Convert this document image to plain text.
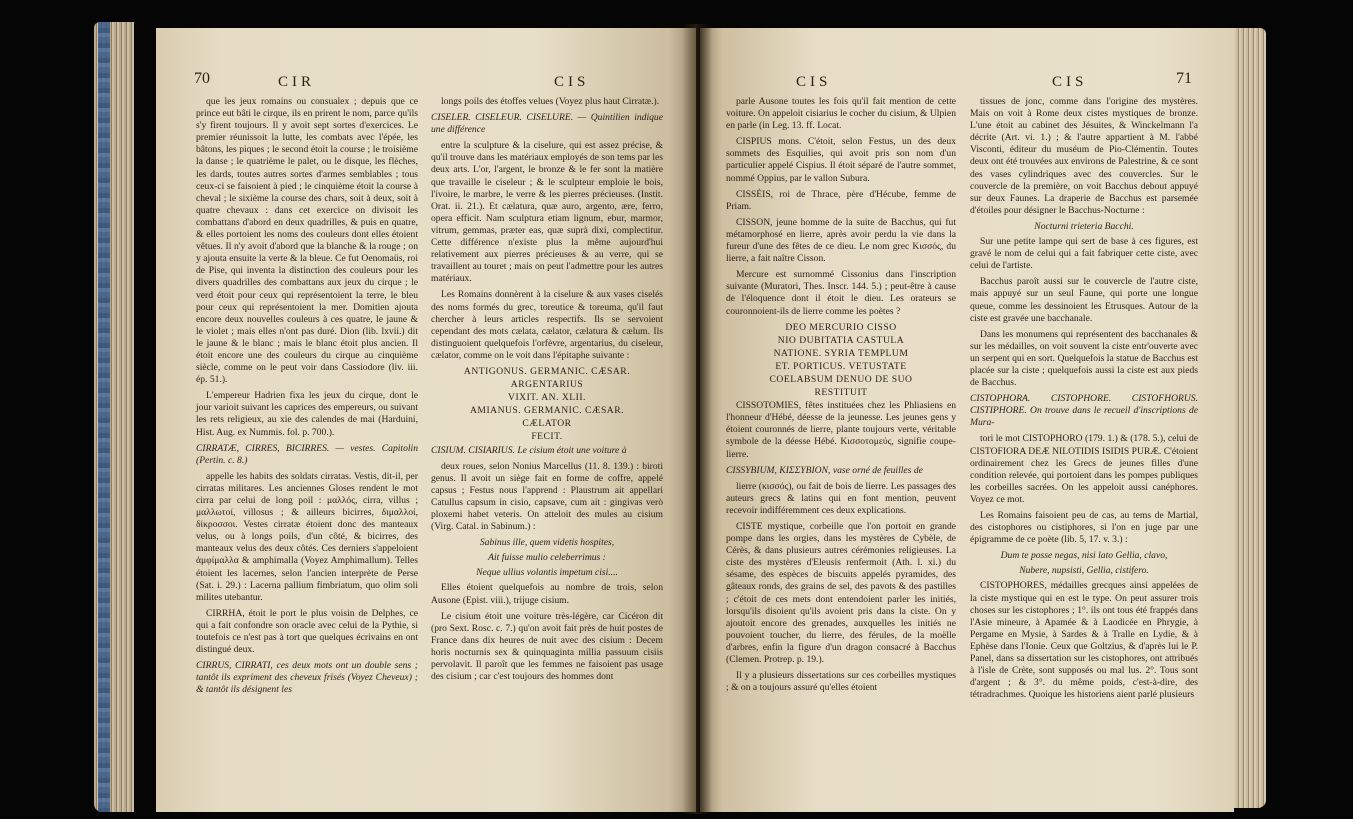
70	CIR	CIS

que les jeux romains ou consualex ; depuis que ce prince eut bâti le cirque, ils en prirent le nom, parce qu'ils s'y firent toujours. Il y avoit sept sortes d'exercices. Le premier réunissoit la lutte, les combats avec l'épée, les bâtons, les piques ; le second étoit la course ; le troisième la danse ; le quatrième le palet, ou le disque, les flèches, les dards, toutes autres sortes d'armes semblables ; tous ceux-ci se faisoient à pied ; le cinquième étoit la course à cheval ; le sixième la course des chars, soit à deux, soit à quatre chevaux : dans cet exercice on divisoit les combattans d'abord en deux quadrilles, & puis en quatre, & elles portoient les noms des couleurs dont elles étoient vêtues. Il n'y avoit d'abord que la blanche & la rouge ; on y ajouta ensuite la verte & la bleue. Ce fut Oenomaüs, roi de Pise, qui inventa la distinction des couleurs pour les divers quadrilles des combattans aux jeux du cirque ; le verd étoit pour ceux qui représentoient la terre, le bleu pour ceux qui représentoient la mer. Domitien ajouta encore deux nouvelles couleurs à ces quatre, le jaune & le violet ; mais elles n'ont pas duré. Dion (lib. lxvii.) dit le jaune & le blanc ; mais le blanc étoit plus ancien. Il étoit encore une des couleurs du cirque au cinquième siècle, comme on le peut voir dans Cassiodore (liv. iii. ép. 51.).

L'empereur Hadrien fixa les jeux du cirque, dont le jour varioit suivant les caprices des empereurs, ou suivant les rets religieux, au xie des calendes de mai (Harduini, Hist. Aug. ex Nummis. fol. p. 700.).

CIRRATÆ, CIRRES, BICIRRES. — vestes. Capitolin (Pertin. c. 8.)

appelle les habits des soldats cirratas. Vestis, dit-il, per cirratas militares. Les anciennes Gloses rendent le mot cirra par celui de long poil : μαλλός, cirra, villus ; μαλλωτοί, villosus ; & ailleurs bicirres, διμαλλοί, δίκροσσοι. Vestes cirratæ étoient donc des manteaux velus, ou à longs poils, d'un côté, & bicirres, des manteaux velus des deux côtés. Ces derniers s'appeloient ἀμφίμαλλα & amphimalla (Voyez Amphimallum). Telles étoient les lacernes, selon l'ancien interprète de Perse (Sat. i. 29.) : Lacerna pallium fimbriatum, quo olim soli milites utebantur.

CIRRHA, étoit le port le plus voisin de Delphes, ce qui a fait confondre son oracle avec celui de la Pythie, si toutefois ce n'est pas à tort que quelques écrivains en ont distingué deux.

CIRRUS, CIRRATI, ces deux mots ont un double sens ; tantôt ils expriment des cheveux frisés (Voyez Cheveux) ; & tantôt ils désignent les

longs poils des étoffes velues (Voyez plus haut Cirratæ.).

CISELER. CISELEUR. CISELURE. — Quintilien indique une différence

entre la sculpture & la ciselure, qui est assez précise, & qu'il trouve dans les matériaux employés de son tems par les deux arts. L'or, l'argent, le bronze & le fer sont la matière que travaille le ciseleur ; & le sculpteur emploie le bois, l'ivoire, le marbre, le verre & les pierres précieuses. (Instit. Orat. ii. 21.). Et cælatura, quæ auro, argento, ære, ferro, opera efficit. Nam sculptura etiam lignum, ebur, marmor, vitrum, gemmas, præter eas, quæ suprà dixi, complectitur. Cette différence n'existe plus la même aujourd'hui relativement aux pierres précieuses & au verre, qui se travaillent au touret ; mais on peut l'admettre pour les autres matériaux.

Les Romains donnèrent à la ciselure & aux vases ciselés des noms formés du grec, toreutice & toreuma, qu'il faut chercher à leurs articles respectifs. Ils se servoient cependant des mots cælata, cælator, cælatura & cælum. Ils distinguoient quelquefois l'orfèvre, argentarius, du ciseleur, cælator, comme on le voit dans l'épitaphe suivante :

ANTIGONUS. GERMANIC. CÆSAR.

ARGENTARIUS

VIXIT. AN. XLII.

AMIANUS. GERMANIC. CÆSAR.

CÆLATOR

FECIT.

CISIUM. CISIARIUS. Le cisium étoit une voiture à

deux roues, selon Nonius Marcellus (11. 8. 139.) : birotì genus. Il avoit un siège fait en forme de coffre, appelé capsus ; Festus nous l'apprend : Plaustrum ait appellari Catullus capsum in cisio, capsave, cum ait : gingivas verò ploxemi habet veteris. On atteloit des mules au cisium (Virg. Catal. in Sabinum.) :

Sabinus ille, quem videtis hospites,

Ait fuisse mulio celeberrimus :

Neque ullius volantis impetum cisi....

Elles étoient quelquefois au nombre de trois, selon Ausone (Epist. viii.), trijuge cisium.

Le cisium étoit une voiture très-légère, car Cicéron dit (pro Sext. Rosc. c. 7.) qu'on avoit fait près de huit postes de France dans dix heures de nuit avec des cisium : Decem horis nocturnis sex & quinquaginta millia passuum cisiis pervolavit. Il paroît que les femmes ne faisoient pas usage des cisium ; car c'est toujours des hommes dont

CIS	CIS	71

parle Ausone toutes les fois qu'il fait mention de cette voiture. On appeloit cisiarius le cocher du cisium, & Ulpien en parle (in Leg. 13. ff. Locat.

CISPIUS mons. C'étoit, selon Festus, un des deux sommets des Esquilies, qui avoit pris son nom d'un particulier appelé Cispius. Il étoit séparé de l'autre sommet, nommé Oppius, par le vallon Subura.

CISSÉIS, roi de Thrace, père d'Hécube, femme de Priam.

CISSON, jeune homme de la suite de Bacchus, qui fut métamorphosé en lierre, après avoir perdu la vie dans la fureur d'une des fêtes de ce dieu. Le nom grec Κισσός, du lierre, a fait naître Cisson.

Mercure est surnommé Cissonius dans l'inscription suivante (Muratori, Thes. Inscr. 144. 5.) ; peut-être à cause de l'éloquence dont il étoit le dieu. Les orateurs se couronnoient-ils de lierre comme les poètes ?

DEO MERCURIO CISSO

NIO DUBITATIA CASTULA

NATIONE. SYRIA TEMPLUM

ET. PORTICUS. VETUSTATE

COELABSUM DENUO DE SUO

RESTITUIT

CISSOTOMIES, fêtes instituées chez les Phliasiens en l'honneur d'Hébé, déesse de la jeunesse. Les jeunes gens y étoient couronnés de lierre, plante toujours verte, véritable symbole de la déesse Hébé. Κισσοτομεύς, signifie coupe-lierre.

CISSYBIUM, ΚΙΣΣΥΒΙΟΝ, vase orné de feuilles de

lierre (κισσός), ou fait de bois de lierre. Les passages des auteurs grecs & latins qui en font mention, peuvent recevoir indifféremment ces deux explications.

CISTE mystique, corbeille que l'on portoit en grande pompe dans les orgies, dans les mystères de Cybèle, de Cérès, & dans plusieurs autres cérémonies religieuses. La ciste des mystères d'Eleusis renfermoit (Ath. l. xi.) du sésame, des espèces de biscuits appelés pyramides, des gâteaux ronds, des grains de sel, des pavots & des pastilles ; c'étoit de ces mets dont entendoient parler les initiés, lorsqu'ils disoient qu'ils avoient pris dans la ciste. On y ajoutoit encore des grenades, auxquelles les initiés ne pouvoient toucher, du lierre, des férules, de la moëlle d'arbres, enfin la figure d'un dragon consacré à Bacchus (Clemen. Protrep. p. 19.).

Il y a plusieurs dissertations sur ces corbeilles mystiques ; & on a toujours assuré qu'elles étoient

tissues de jonc, comme dans l'origine des mystères. Mais on voit à Rome deux cistes mystiques de bronze. L'une étoit au cabinet des Jésuites, & Winckelmann l'a décrite (Art. vi. 1.) ; & l'autre appartient à M. l'abbé Visconti, éditeur du muséum de Pio-Clémentin. Toutes deux ont été trouvées aux environs de Palestrine, & ce sont des vases cylindriques avec des couvercles. Sur le couvercle de la première, on voit Bacchus debout appuyé sur deux Faunes. La draperie de Bacchus est parsemée d'étoiles pour désigner le Bacchus-Nocturne :

Nocturni trieteria Bacchi.

Sur une petite lampe qui sert de base à ces figures, est gravé le nom de celui qui a fait fabriquer cette ciste, avec celui de l'artiste.

Bacchus paroît aussi sur le couvercle de l'autre ciste, mais appuyé sur un seul Faune, qui porte une longue queue, comme les dessinoient les Etrusques. Autour de la ciste est gravée une bacchanale.

Dans les monumens qui représentent des bacchanales & sur les médailles, on voit souvent la ciste entr'ouverte avec un serpent qui en sort. Quelquefois la statue de Bacchus est placée sur la ciste ; quelquefois aussi la ciste est aux pieds de Bacchus.

CISTOPHORA. CISTOPHORE. CISTOFHORUS. CISTIPHORE. On trouve dans le recueil d'inscriptions de Mura-

tori le mot CISTOPHORO (179. 1.) & (178. 5.), celui de CISTOFIORA DEÆ NILOTIDIS ISIDIS PURÆ. C'étoient ordinairement chez les Grecs de jeunes filles d'une condition relevée, qui portoient dans les pompes publiques les corbeilles sacrées. On les appeloit aussi canéphores. Voyez ce mot.

Les Romains faisoient peu de cas, au tems de Martial, des cistophores ou cistiphores, si l'on en juge par une épigramme de ce poète (lib. 5, 17. v. 3.) :

Dum te posse negas, nisi lato Gellia, clavo,

Nubere, nupsisti, Gellia, cistifero.

CISTOPHORES, médailles grecques ainsi appelées de la ciste mystique qui en est le type. On peut assurer trois choses sur les cistophores ; 1°. ils ont tous été frappés dans l'Asie mineure, à Apamée & à Laodicée en Phrygie, à Pergame en Mysie, à Sardes & à Tralle en Lydie, & à Ephèse dans l'Ionie. Ceux que Goltzius, & d'après lui le P. Panel, dans sa dissertation sur les cistophores, ont attribués à l'isle de Crète, sont supposés ou mal lus. 2°. Tous sont d'argent ; & 3°. du même poids, c'est-à-dire, des tétradrachmes. Quoique les historiens aient parlé plusieurs
